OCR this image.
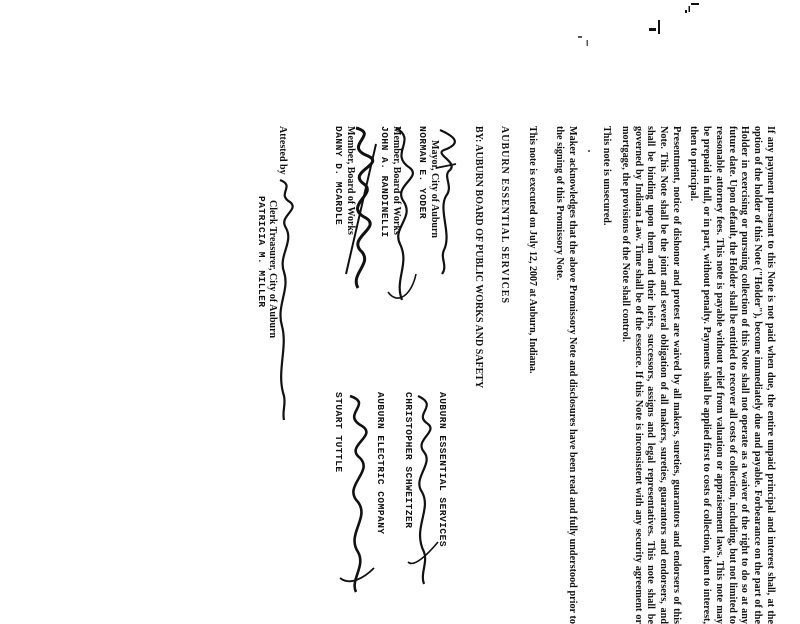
If any payment pursuant to this Note is not paid when due, the entire unpaid principal and interest shall, at the option of the holder of this Note ("Holder"), become immediately due and payable. Forbearance on the part of the Holder in exercising or pursuing collection of this Note shall not operate as a waiver of the right to do so at any future date. Upon default, the Holder shall be entitled to recover all costs of collection, including, but not limited to reasonable attorney fees. This note is payable without relief from valuation or appraisement laws. This note may be prepaid in full, or in part, without penalty. Payments shall be applied first to costs of collection, then to interest, then to principal.
Presentment, notice of dishonor and protest are waived by all makers, sureties, guarantors and endorsers of this Note. This Note shall be the joint and several obligation of all makers, sureties, guarantors and endorsers, and shall be binding upon them and their heirs, successors, assigns and legal representatives. This note shall be governed by Indiana Law. Time shall be of the essence. If this Note is inconsistent with any security agreement or mortgage, the provisions of the Note shall control.
This note is unsecured.
Maker acknowledges that the above Promissory Note and disclosures have been read and fully understood prior to the signing of this Promissory Note.
This note is executed on July 12, 2007 at Auburn, Indiana.
AUBURN ESSENTIAL SERVICES
BY: AUBURN BOARD OF PUBLIC WORKS AND SAFETY
Mayor, City of Auburn
NORMAN E. YODER
Member, Board of Works
JOHN A. RANDINELLI
Member, Board of Works
DANNY D. MCARDLE
Attested by
Clerk Treasurer, City of Auburn
PATRICIA M. MILLER
AUBURN ESSENTIAL SERVICES
CHRISTOPHER SCHWEITZER
AUBURN ELECTRIC COMPANY
STUART TUTTLE
